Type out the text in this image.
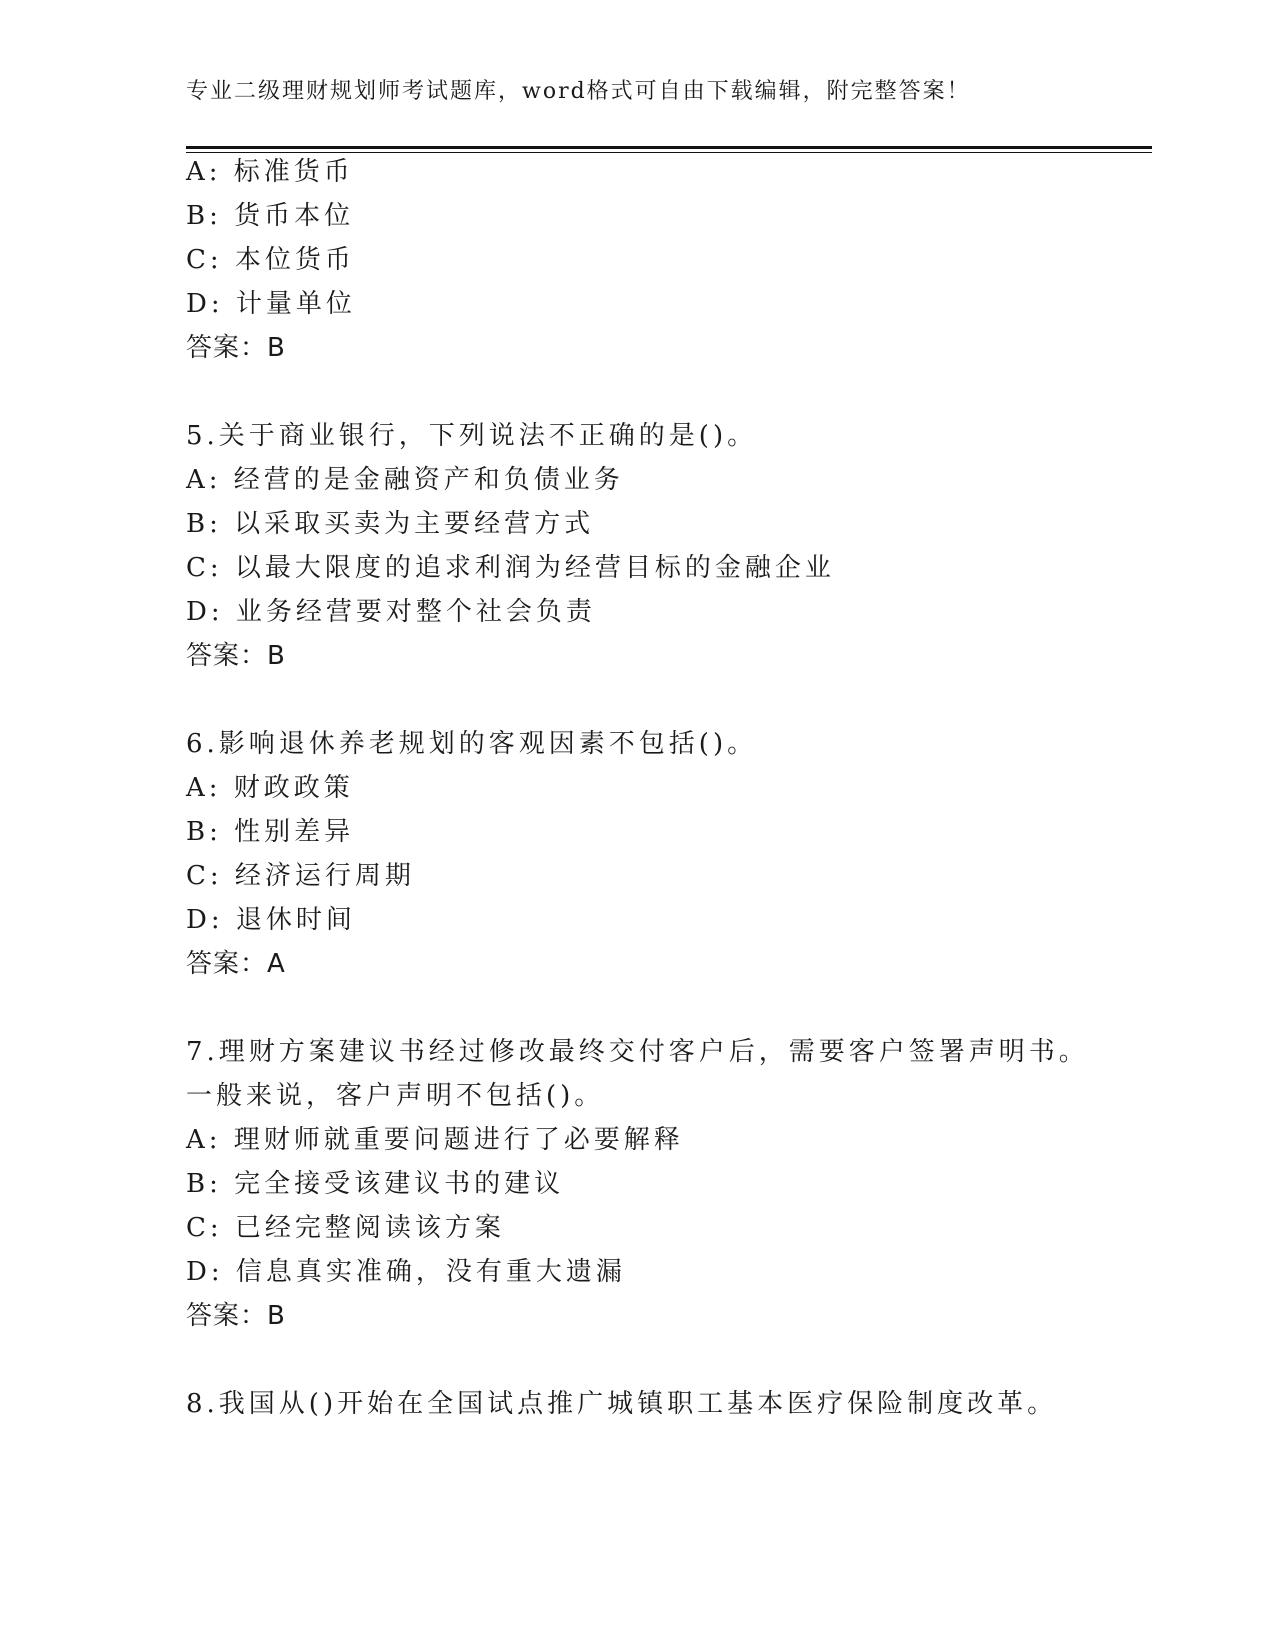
专业二级理财规划师考试题库，word格式可自由下载编辑，附完整答案！
A: 标准货币
B: 货币本位
C: 本位货币
D: 计量单位
答案：B
5.关于商业银行，下列说法不正确的是()。
A: 经营的是金融资产和负债业务
B: 以采取买卖为主要经营方式
C: 以最大限度的追求利润为经营目标的金融企业
D: 业务经营要对整个社会负责
答案：B
6.影响退休养老规划的客观因素不包括()。
A: 财政政策
B: 性别差异
C: 经济运行周期
D: 退休时间
答案：A
7.理财方案建议书经过修改最终交付客户后，需要客户签署声明书。
一般来说，客户声明不包括()。
A: 理财师就重要问题进行了必要解释
B: 完全接受该建议书的建议
C: 已经完整阅读该方案
D: 信息真实准确，没有重大遗漏
答案：B
8.我国从()开始在全国试点推广城镇职工基本医疗保险制度改革。
